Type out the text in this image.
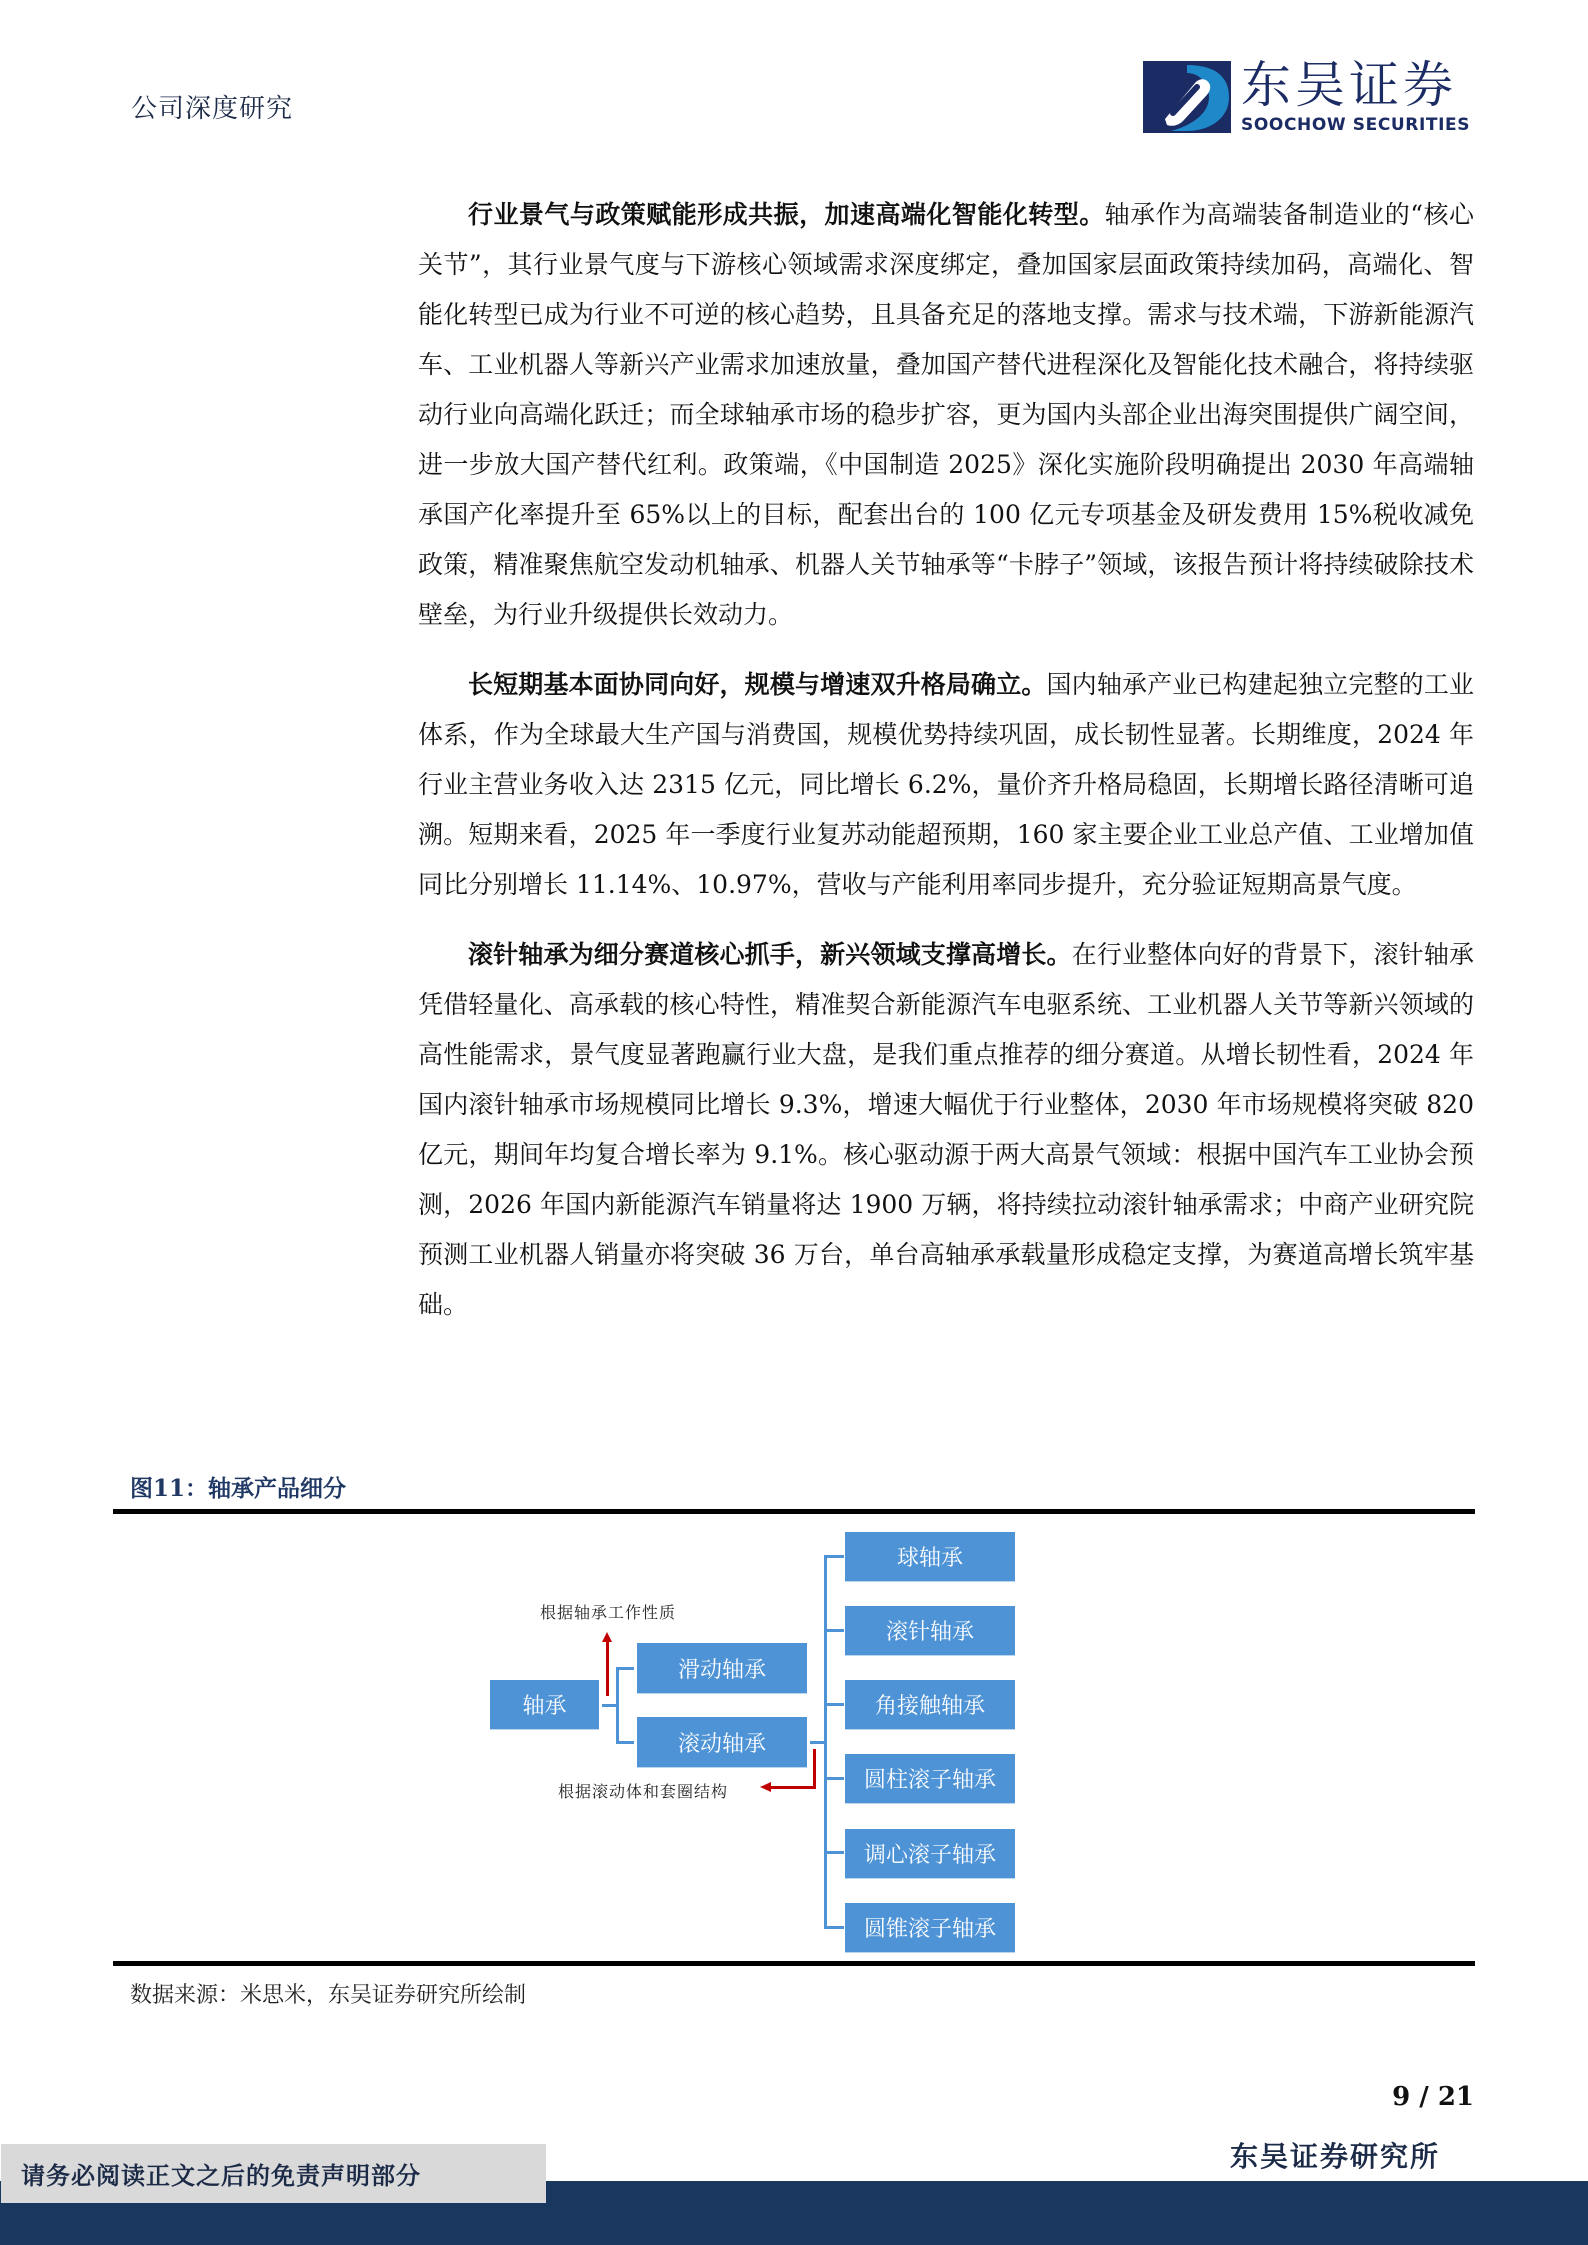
公司深度研究	东吴证券
SOOCHOW SECURITIES

行业景气与政策赋能形成共振，加速高端化智能化转型。轴承作为高端装备制造业的“核心关节”，其行业景气度与下游核心领域需求深度绑定，叠加国家层面政策持续加码，高端化、智能化转型已成为行业不可逆的核心趋势，且具备充足的落地支撑。需求与技术端，下游新能源汽车、工业机器人等新兴产业需求加速放量，叠加国产替代进程深化及智能化技术融合，将持续驱动行业向高端化跃迁；而全球轴承市场的稳步扩容，更为国内头部企业出海突围提供广阔空间，进一步放大国产替代红利。政策端，《中国制造 2025》深化实施阶段明确提出 2030 年高端轴承国产化率提升至 65%以上的目标，配套出台的 100 亿元专项基金及研发费用 15%税收减免政策，精准聚焦航空发动机轴承、机器人关节轴承等“卡脖子”领域，该报告预计将持续破除技术壁垒，为行业升级提供长效动力。

长短期基本面协同向好，规模与增速双升格局确立。国内轴承产业已构建起独立完整的工业体系，作为全球最大生产国与消费国，规模优势持续巩固，成长韧性显著。长期维度，2024 年行业主营业务收入达 2315 亿元，同比增长 6.2%，量价齐升格局稳固，长期增长路径清晰可追溯。短期来看，2025 年一季度行业复苏动能超预期，160 家主要企业工业总产值、工业增加值同比分别增长 11.14%、10.97%，营收与产能利用率同步提升，充分验证短期高景气度。

滚针轴承为细分赛道核心抓手，新兴领域支撑高增长。在行业整体向好的背景下，滚针轴承凭借轻量化、高承载的核心特性，精准契合新能源汽车电驱系统、工业机器人关节等新兴领域的高性能需求，景气度显著跑赢行业大盘，是我们重点推荐的细分赛道。从增长韧性看，2024 年国内滚针轴承市场规模同比增长 9.3%，增速大幅优于行业整体，2030 年市场规模将突破 820 亿元，期间年均复合增长率为 9.1%。核心驱动源于两大高景气领域：根据中国汽车工业协会预测，2026 年国内新能源汽车销量将达 1900 万辆，将持续拉动滚针轴承需求；中商产业研究院预测工业机器人销量亦将突破 36 万台，单台高轴承承载量形成稳定支撑，为赛道高增长筑牢基础。

图11：轴承产品细分
轴承
滑动轴承
滚动轴承
根据轴承工作性质
球轴承
滚针轴承
角接触轴承
圆柱滚子轴承
调心滚子轴承
圆锥滚子轴承
根据滚动体和套圈结构
数据来源：米思米，东吴证券研究所绘制
9 / 21
东吴证券研究所
请务必阅读正文之后的免责声明部分
